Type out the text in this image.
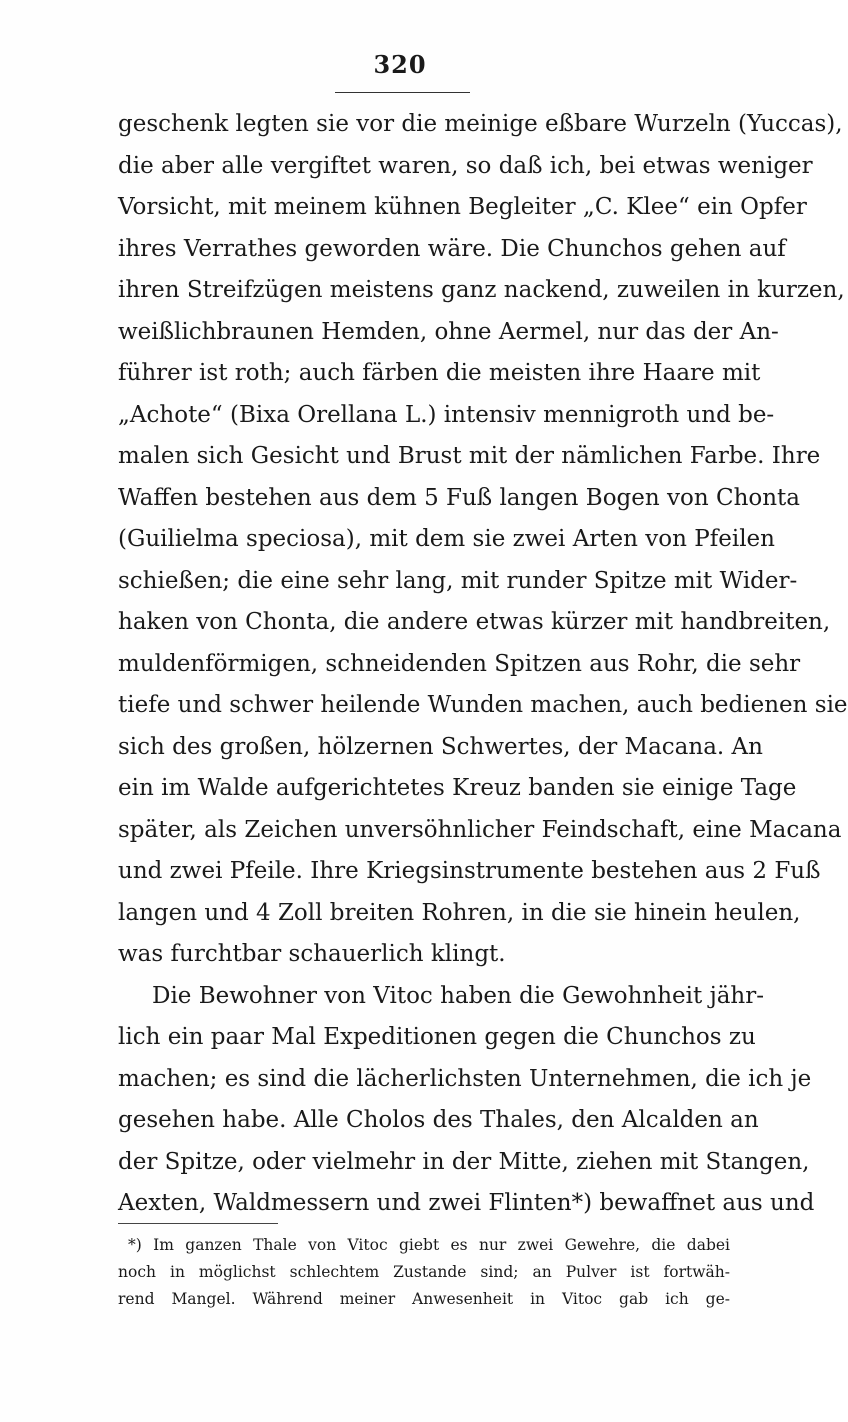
320
geschenk legten sie vor die meinige eßbare Wurzeln (Yuccas),
die aber alle vergiftet waren, so daß ich, bei etwas weniger
Vorsicht, mit meinem kühnen Begleiter „C. Klee“ ein Opfer
ihres Verrathes geworden wäre. Die Chunchos gehen auf
ihren Streifzügen meistens ganz nackend, zuweilen in kurzen,
weißlichbraunen Hemden, ohne Aermel, nur das der An-
führer ist roth; auch färben die meisten ihre Haare mit
„Achote“ (Bixa Orellana L.) intensiv mennigroth und be-
malen sich Gesicht und Brust mit der nämlichen Farbe. Ihre
Waffen bestehen aus dem 5 Fuß langen Bogen von Chonta
(Guilielma speciosa), mit dem sie zwei Arten von Pfeilen
schießen; die eine sehr lang, mit runder Spitze mit Wider-
haken von Chonta, die andere etwas kürzer mit handbreiten,
muldenförmigen, schneidenden Spitzen aus Rohr, die sehr
tiefe und schwer heilende Wunden machen, auch bedienen sie
sich des großen, hölzernen Schwertes, der Macana. An
ein im Walde aufgerichtetes Kreuz banden sie einige Tage
später, als Zeichen unversöhnlicher Feindschaft, eine Macana
und zwei Pfeile. Ihre Kriegsinstrumente bestehen aus 2 Fuß
langen und 4 Zoll breiten Rohren, in die sie hinein heulen,
was furchtbar schauerlich klingt.
Die Bewohner von Vitoc haben die Gewohnheit jähr-
lich ein paar Mal Expeditionen gegen die Chunchos zu
machen; es sind die lächerlichsten Unternehmen, die ich je
gesehen habe. Alle Cholos des Thales, den Alcalden an
der Spitze, oder vielmehr in der Mitte, ziehen mit Stangen,
Aexten, Waldmessern und zwei Flinten*) bewaffnet aus und
*) Im ganzen Thale von Vitoc giebt es nur zwei Gewehre, die dabei
noch in möglichst schlechtem Zustande sind; an Pulver ist fortwäh-
rend Mangel. Während meiner Anwesenheit in Vitoc gab ich ge-
